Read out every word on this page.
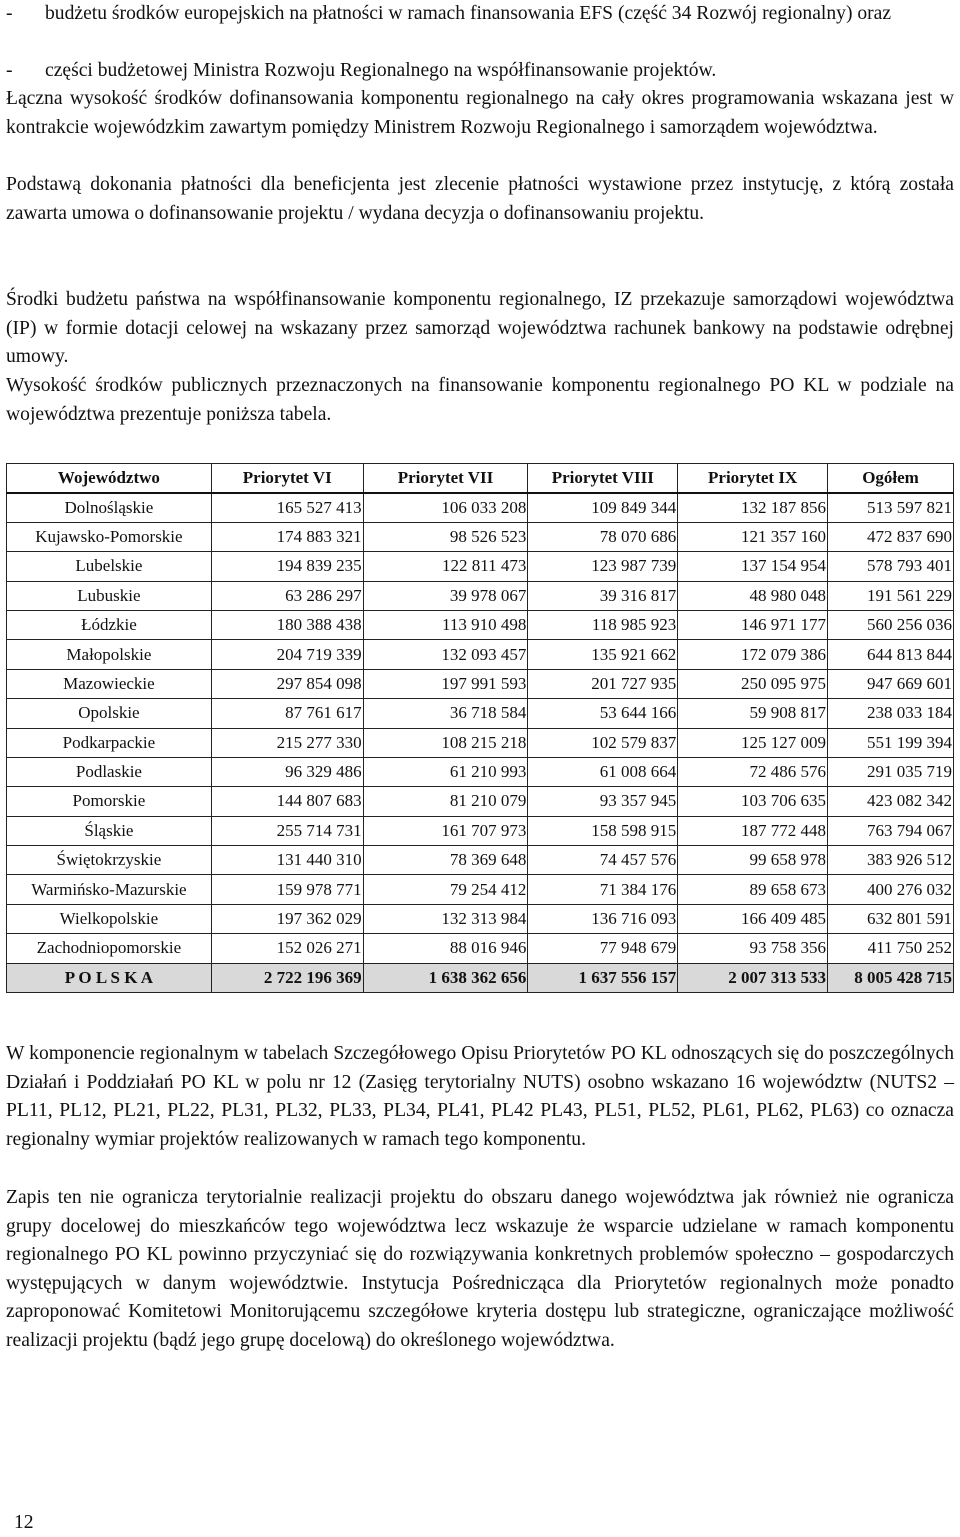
- budżetu środków europejskich na płatności w ramach finansowania EFS (część 34 Rozwój regionalny) oraz
- części budżetowej Ministra Rozwoju Regionalnego na współfinansowanie projektów.
Łączna wysokość środków dofinansowania komponentu regionalnego na cały okres programowania wskazana jest w kontrakcie wojewódzkim zawartym pomiędzy Ministrem Rozwoju Regionalnego i samorządem województwa.
Podstawą dokonania płatności dla beneficjenta jest zlecenie płatności wystawione przez instytucję, z którą została zawarta umowa o dofinansowanie projektu / wydana decyzja o dofinansowaniu projektu.
Środki budżetu państwa na współfinansowanie komponentu regionalnego, IZ przekazuje samorządowi województwa (IP) w formie dotacji celowej na wskazany przez samorząd województwa rachunek bankowy na podstawie odrębnej umowy.
Wysokość środków publicznych przeznaczonych na finansowanie komponentu regionalnego PO KL w podziale na województwa prezentuje poniższa tabela.
Województwo	Priorytet VI	Priorytet VII	Priorytet VIII	Priorytet IX	Ogółem
Dolnośląskie	165 527 413	106 033 208	109 849 344	132 187 856	513 597 821
Kujawsko-Pomorskie	174 883 321	98 526 523	78 070 686	121 357 160	472 837 690
Lubelskie	194 839 235	122 811 473	123 987 739	137 154 954	578 793 401
Lubuskie	63 286 297	39 978 067	39 316 817	48 980 048	191 561 229
Łódzkie	180 388 438	113 910 498	118 985 923	146 971 177	560 256 036
Małopolskie	204 719 339	132 093 457	135 921 662	172 079 386	644 813 844
Mazowieckie	297 854 098	197 991 593	201 727 935	250 095 975	947 669 601
Opolskie	87 761 617	36 718 584	53 644 166	59 908 817	238 033 184
Podkarpackie	215 277 330	108 215 218	102 579 837	125 127 009	551 199 394
Podlaskie	96 329 486	61 210 993	61 008 664	72 486 576	291 035 719
Pomorskie	144 807 683	81 210 079	93 357 945	103 706 635	423 082 342
Śląskie	255 714 731	161 707 973	158 598 915	187 772 448	763 794 067
Świętokrzyskie	131 440 310	78 369 648	74 457 576	99 658 978	383 926 512
Warmińsko-Mazurskie	159 978 771	79 254 412	71 384 176	89 658 673	400 276 032
Wielkopolskie	197 362 029	132 313 984	136 716 093	166 409 485	632 801 591
Zachodniopomorskie	152 026 271	88 016 946	77 948 679	93 758 356	411 750 252
P O L S K A	2 722 196 369	1 638 362 656	1 637 556 157	2 007 313 533	8 005 428 715
W komponencie regionalnym w tabelach Szczegółowego Opisu Priorytetów PO KL odnoszących się do poszczególnych Działań i Poddziałań PO KL w polu nr 12 (Zasięg terytorialny NUTS) osobno wskazano 16 województw (NUTS2 – PL11, PL12, PL21, PL22, PL31, PL32, PL33, PL34, PL41, PL42 PL43, PL51, PL52, PL61, PL62, PL63) co oznacza regionalny wymiar projektów realizowanych w ramach tego komponentu.
Zapis ten nie ogranicza terytorialnie realizacji projektu do obszaru danego województwa jak również nie ogranicza grupy docelowej do mieszkańców tego województwa lecz wskazuje że wsparcie udzielane w ramach komponentu regionalnego PO KL powinno przyczyniać się do rozwiązywania konkretnych problemów społeczno – gospodarczych występujących w danym województwie. Instytucja Pośrednicząca dla Priorytetów regionalnych może ponadto zaproponować Komitetowi Monitorującemu szczegółowe kryteria dostępu lub strategiczne, ograniczające możliwość realizacji projektu (bądź jego grupę docelową) do określonego województwa.
12
